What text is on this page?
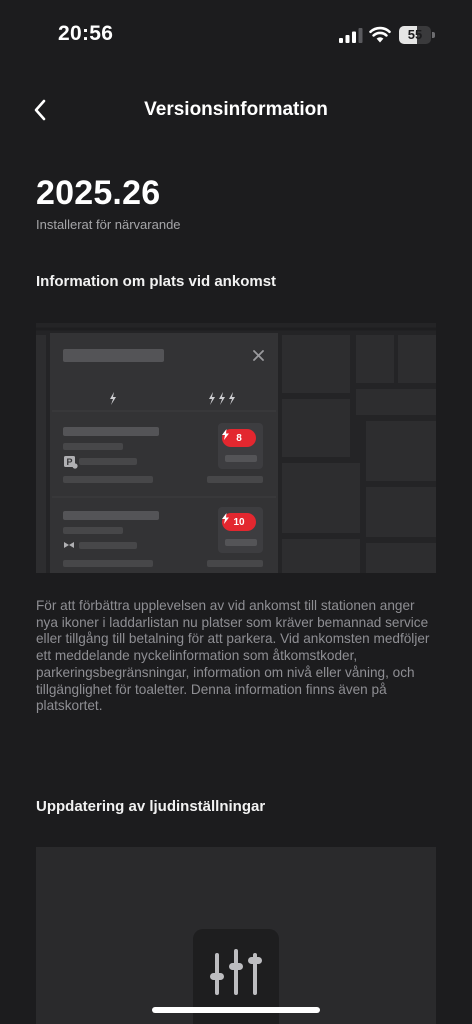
20:56	55
Versionsinformation
2025.26
Installerat för närvarande
Information om plats vid ankomst
P
8
10
För att förbättra upplevelsen av vid ankomst till stationen anger nya ikoner i laddarlistan nu platser som kräver bemannad service eller tillgång till betalning för att parkera. Vid ankomsten medföljer ett meddelande nyckelinformation som åtkomstkoder, parkeringsbegränsningar, information om nivå eller våning, och tillgänglighet för toaletter. Denna information finns även på platskortet.
Uppdatering av ljudinställningar
